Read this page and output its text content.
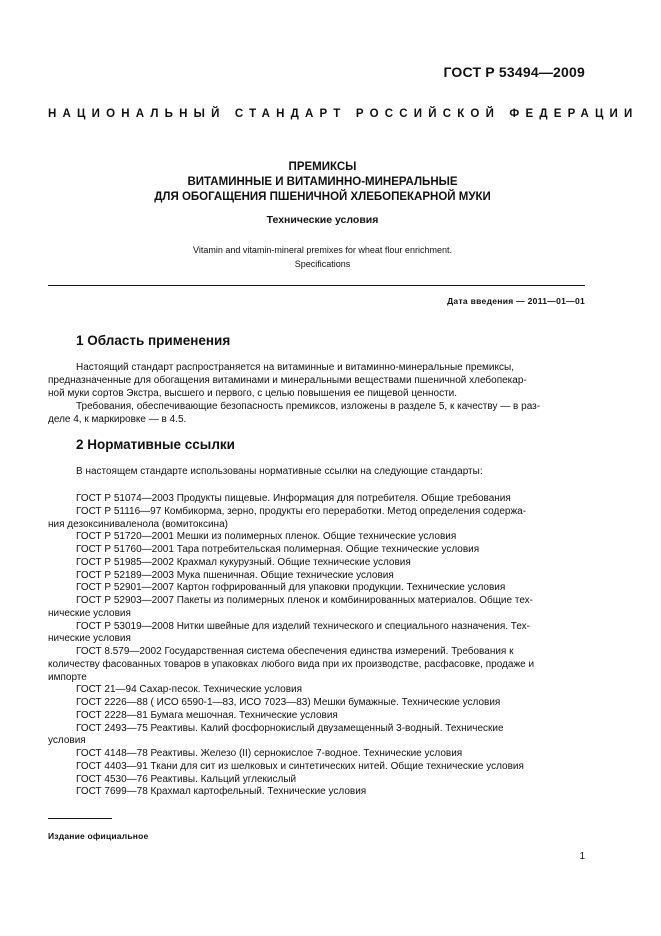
ГОСТ Р 53494—2009
НАЦИОНАЛЬНЫЙ СТАНДАРТ РОССИЙСКОЙ ФЕДЕРАЦИИ
ПРЕМИКСЫ
ВИТАМИННЫЕ И ВИТАМИННО-МИНЕРАЛЬНЫЕ
ДЛЯ ОБОГАЩЕНИЯ ПШЕНИЧНОЙ ХЛЕБОПЕКАРНОЙ МУКИ
Технические условия
Vitamin and vitamin-mineral premixes for wheat flour enrichment.
Specifications
Дата введения — 2011—01—01
1 Область применения
Настоящий стандарт распространяется на витаминные и витаминно-минеральные премиксы,
предназначенные для обогащения витаминами и минеральными веществами пшеничной хлебопекар-
ной муки сортов Экстра, высшего и первого, с целью повышения ее пищевой ценности.
Требования, обеспечивающие безопасность премиксов, изложены в разделе 5, к качеству — в раз-
деле 4, к маркировке — в 4.5.
2 Нормативные ссылки
В настоящем стандарте использованы нормативные ссылки на следующие стандарты:
ГОСТ Р 51074—2003 Продукты пищевые. Информация для потребителя. Общие требования
ГОСТ Р 51116—97 Комбикорма, зерно, продукты его переработки. Метод определения содержа-
ния дезоксиниваленола (вомитоксина)
ГОСТ Р 51720—2001 Мешки из полимерных пленок. Общие технические условия
ГОСТ Р 51760—2001 Тара потребительская полимерная. Общие технические условия
ГОСТ Р 51985—2002 Крахмал кукурузный. Общие технические условия
ГОСТ Р 52189—2003 Мука пшеничная. Общие технические условия
ГОСТ Р 52901—2007 Картон гофрированный для упаковки продукции. Технические условия
ГОСТ Р 52903—2007 Пакеты из полимерных пленок и комбинированных материалов. Общие тех-
нические условия
ГОСТ Р 53019—2008 Нитки швейные для изделий технического и специального назначения. Тех-
нические условия
ГОСТ 8.579—2002 Государственная система обеспечения единства измерений. Требования к
количеству фасованных товаров в упаковках любого вида при их производстве, расфасовке, продаже и
импорте
ГОСТ 21—94 Сахар-песок. Технические условия
ГОСТ 2226—88 ( ИСО 6590-1—83, ИСО 7023—83) Мешки бумажные. Технические условия
ГОСТ 2228—81 Бумага мешочная. Технические условия
ГОСТ 2493—75 Реактивы. Калий фосфорнокислый двузамещенный 3-водный. Технические
условия
ГОСТ 4148—78 Реактивы. Железо (II) сернокислое 7-водное. Технические условия
ГОСТ 4403—91 Ткани для сит из шелковых и синтетических нитей. Общие технические условия
ГОСТ 4530—76 Реактивы. Кальций углекислый
ГОСТ 7699—78 Крахмал картофельный. Технические условия
Издание официальное
1
